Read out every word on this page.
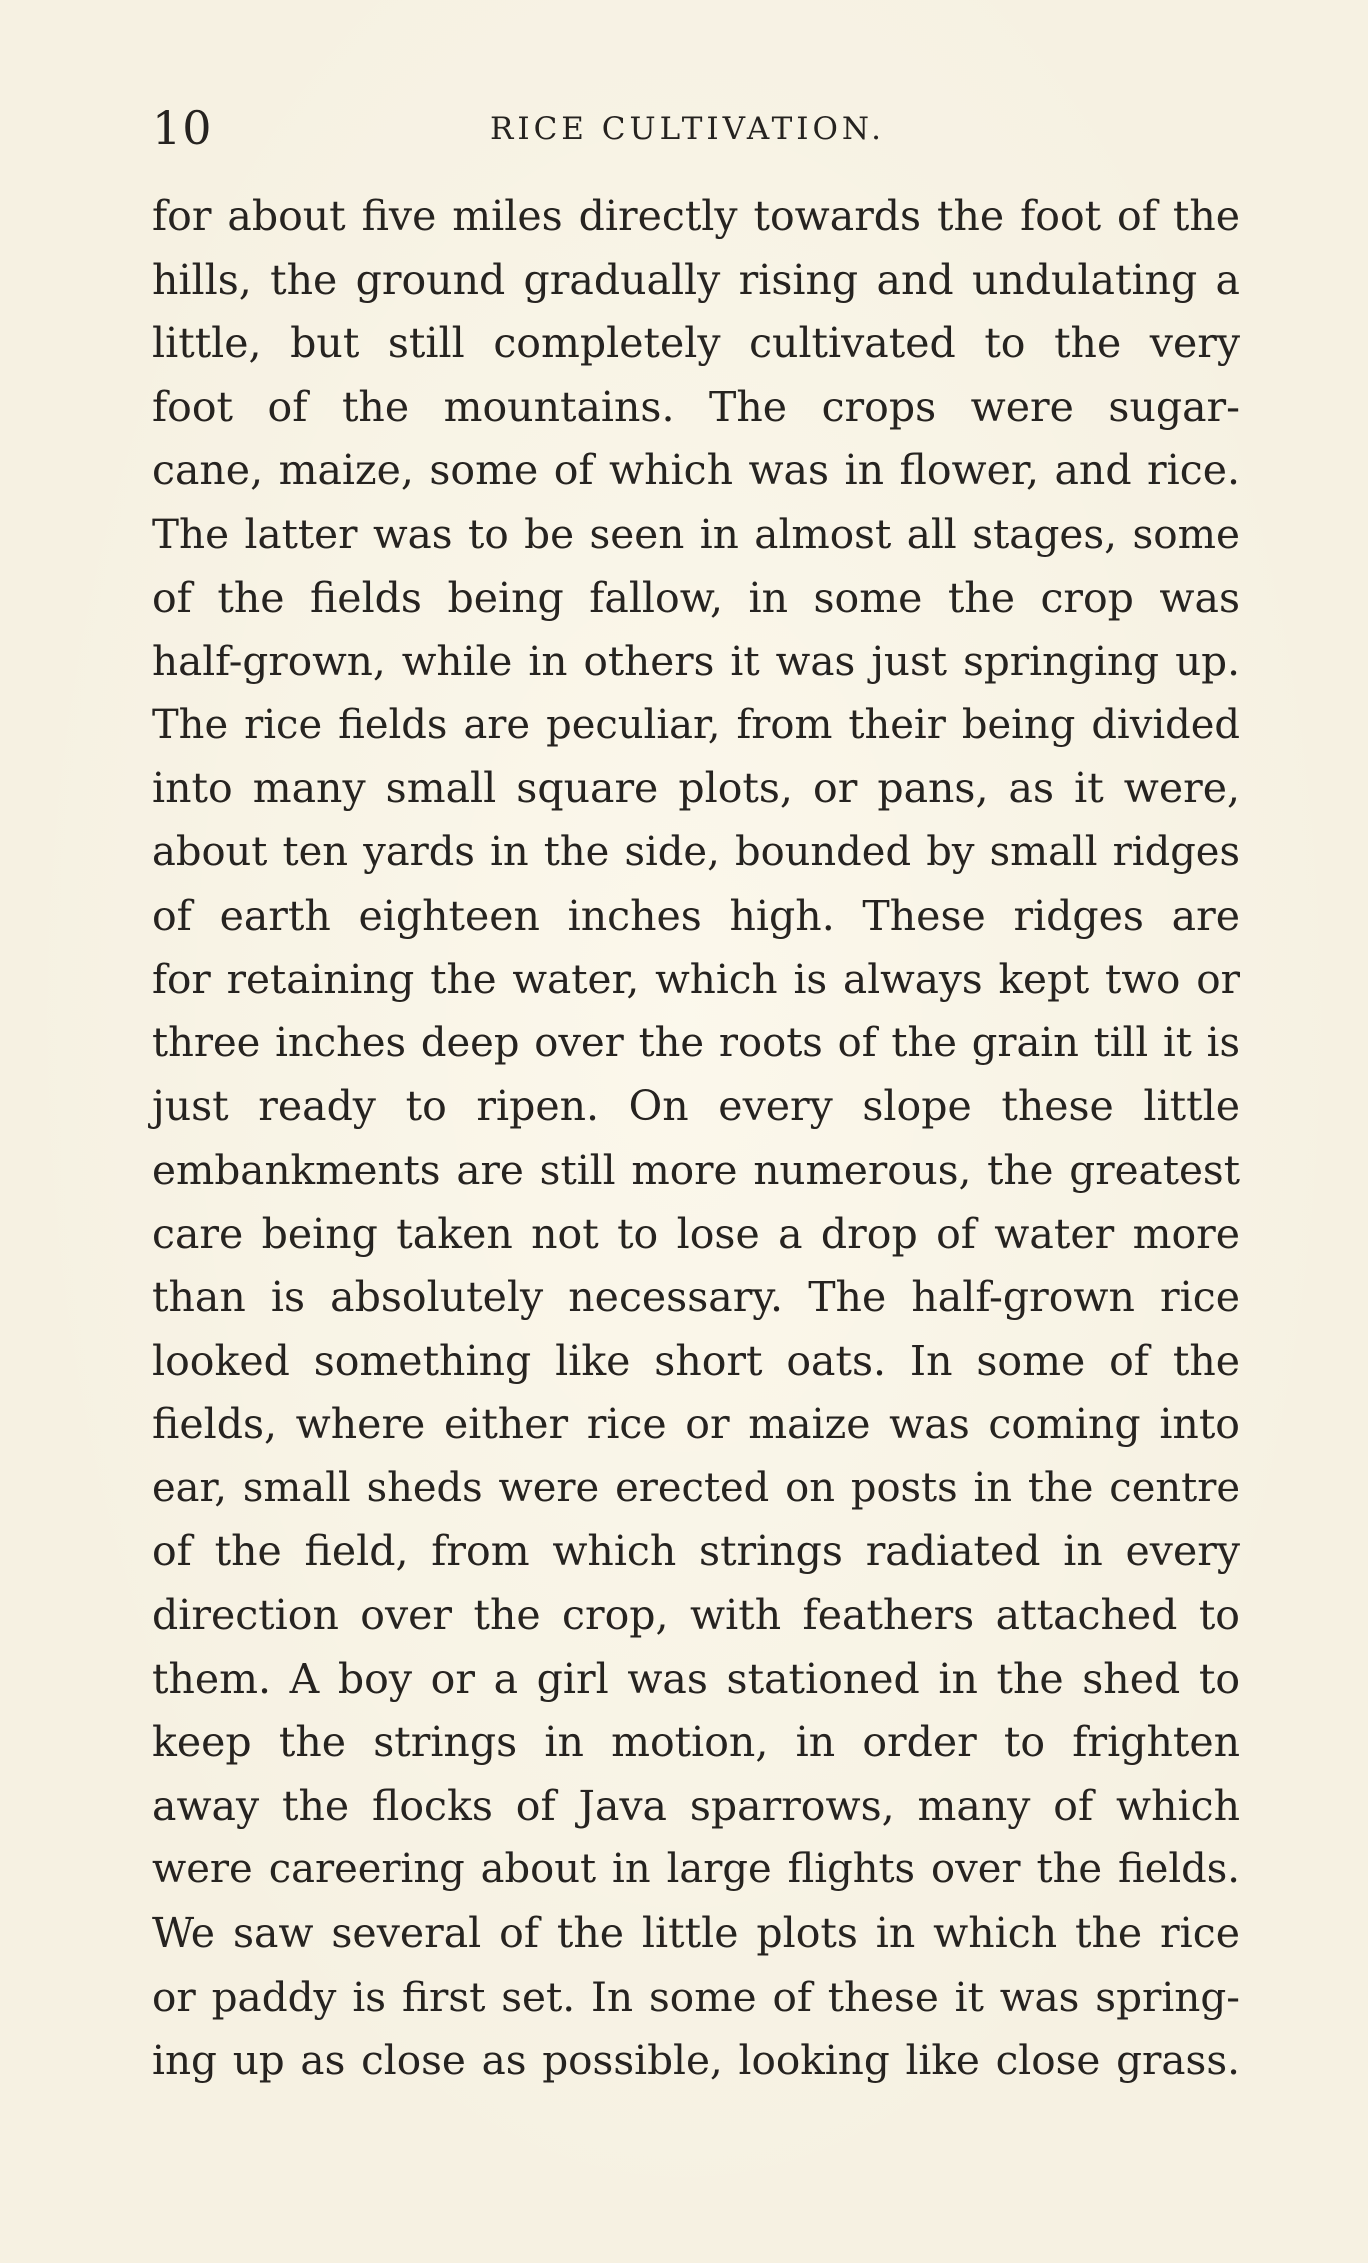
10	RICE CULTIVATION.
for about five miles directly towards the foot of the
hills, the ground gradually rising and undulating a
little, but still completely cultivated to the very
foot of the mountains. The crops were sugar-
cane, maize, some of which was in flower, and rice.
The latter was to be seen in almost all stages, some
of the fields being fallow, in some the crop was
half-grown, while in others it was just springing up.
The rice fields are peculiar, from their being divided
into many small square plots, or pans, as it were,
about ten yards in the side, bounded by small ridges
of earth eighteen inches high. These ridges are
for retaining the water, which is always kept two or
three inches deep over the roots of the grain till it is
just ready to ripen. On every slope these little
embankments are still more numerous, the greatest
care being taken not to lose a drop of water more
than is absolutely necessary. The half-grown rice
looked something like short oats. In some of the
fields, where either rice or maize was coming into
ear, small sheds were erected on posts in the centre
of the field, from which strings radiated in every
direction over the crop, with feathers attached to
them. A boy or a girl was stationed in the shed to
keep the strings in motion, in order to frighten
away the flocks of Java sparrows, many of which
were careering about in large flights over the fields.
We saw several of the little plots in which the rice
or paddy is first set. In some of these it was spring-
ing up as close as possible, looking like close grass.
